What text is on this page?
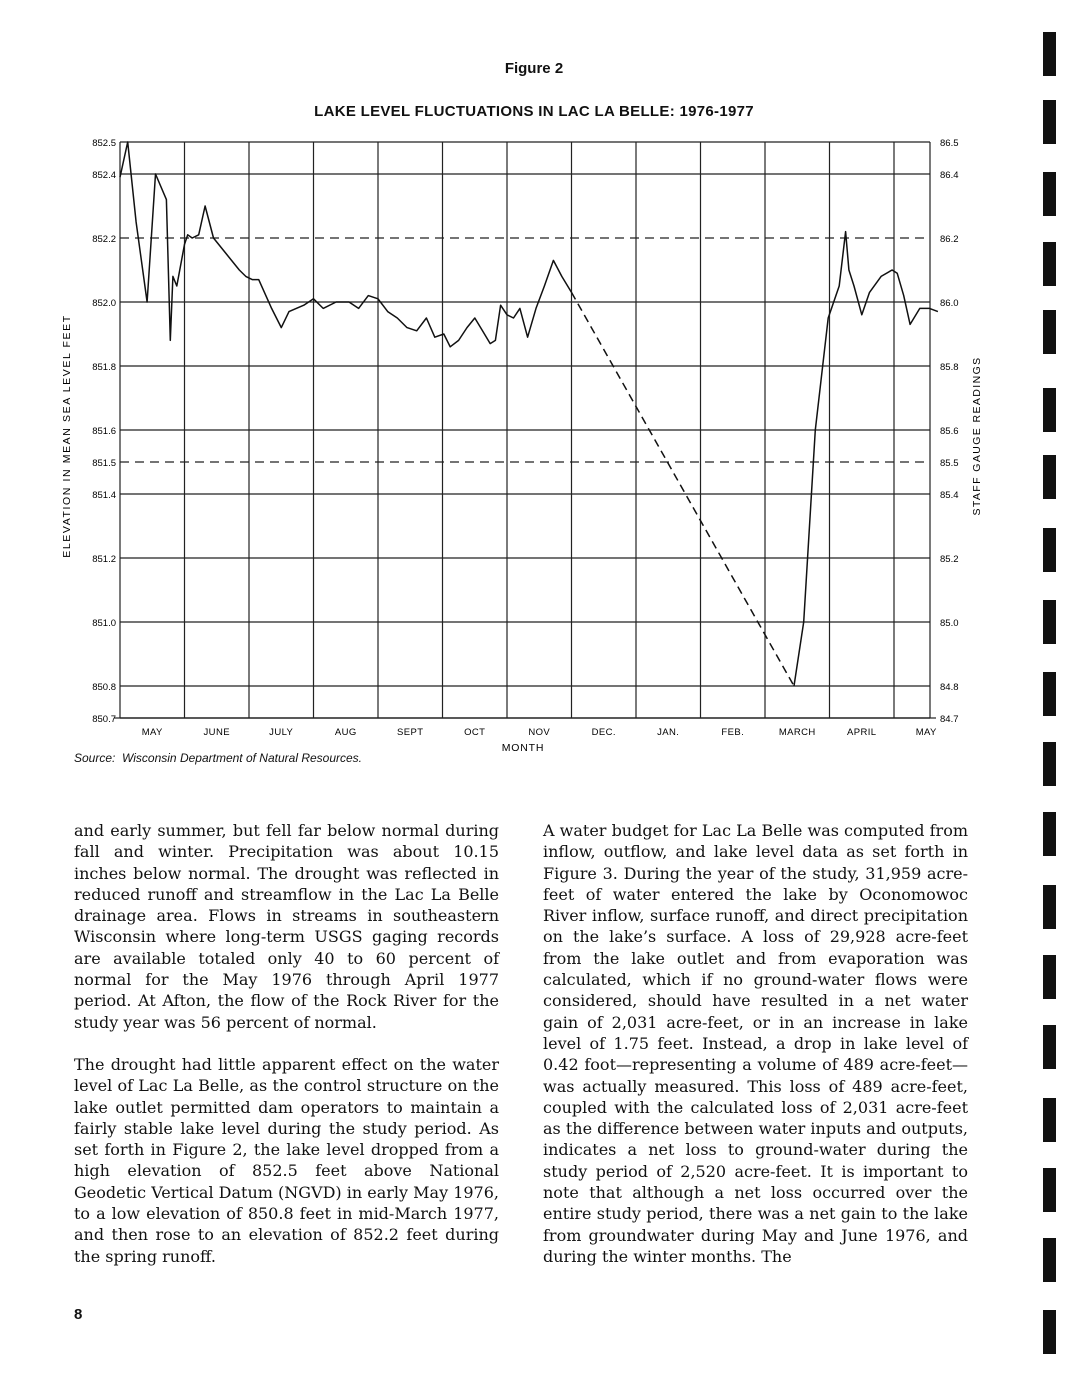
Figure 2
LAKE LEVEL FLUCTUATIONS IN LAC LA BELLE: 1976-1977
852.5
852.4
852.2
852.0
851.8
851.6
851.5
851.4
851.2
851.0
850.8
850.7
86.5
86.4
86.2
86.0
85.8
85.6
85.5
85.4
85.2
85.0
84.8
84.7
MAY	JUNE	JULY	AUG	SEPT	OCT	NOV	DEC.	JAN.	FEB.	MARCH	APRIL	MAY
ELEVATION IN MEAN SEA LEVEL FEET	STAFF GAUGE READINGS
MONTH
Source: Wisconsin Department of Natural Resources.

and early summer, but fell far below normal during fall and winter. Precipitation was about 10.15 inches below normal. The drought was reflected in reduced runoff and streamflow in the Lac La Belle drainage area. Flows in streams in southeastern Wisconsin where long-term USGS gaging records are available totaled only 40 to 60 percent of normal for the May 1976 through April 1977 period. At Afton, the flow of the Rock River for the study year was 56 percent of normal.

The drought had little apparent effect on the water level of Lac La Belle, as the control structure on the lake outlet permitted dam operators to maintain a fairly stable lake level during the study period. As set forth in Figure 2, the lake level dropped from a high elevation of 852.5 feet above National Geodetic Vertical Datum (NGVD) in early May 1976, to a low elevation of 850.8 feet in mid-March 1977, and then rose to an elevation of 852.2 feet during the spring runoff.

A water budget for Lac La Belle was computed from inflow, outflow, and lake level data as set forth in Figure 3. During the year of the study, 31,959 acre-feet of water entered the lake by Oconomowoc River inflow, surface runoff, and direct precipitation on the lake’s surface. A loss of 29,928 acre-feet from the lake outlet and from evaporation was calculated, which if no ground-water flows were considered, should have resulted in a net water gain of 2,031 acre-feet, or in an increase in lake level of 1.75 feet. Instead, a drop in lake level of 0.42 foot—representing a volume of 489 acre-feet—was actually measured. This loss of 489 acre-feet, coupled with the calculated loss of 2,031 acre-feet as the difference between water inputs and outputs, indicates a net loss to ground-water during the study period of 2,520 acre-feet. It is important to note that although a net loss occurred over the entire study period, there was a net gain to the lake from groundwater during May and June 1976, and during the winter months. The

8
